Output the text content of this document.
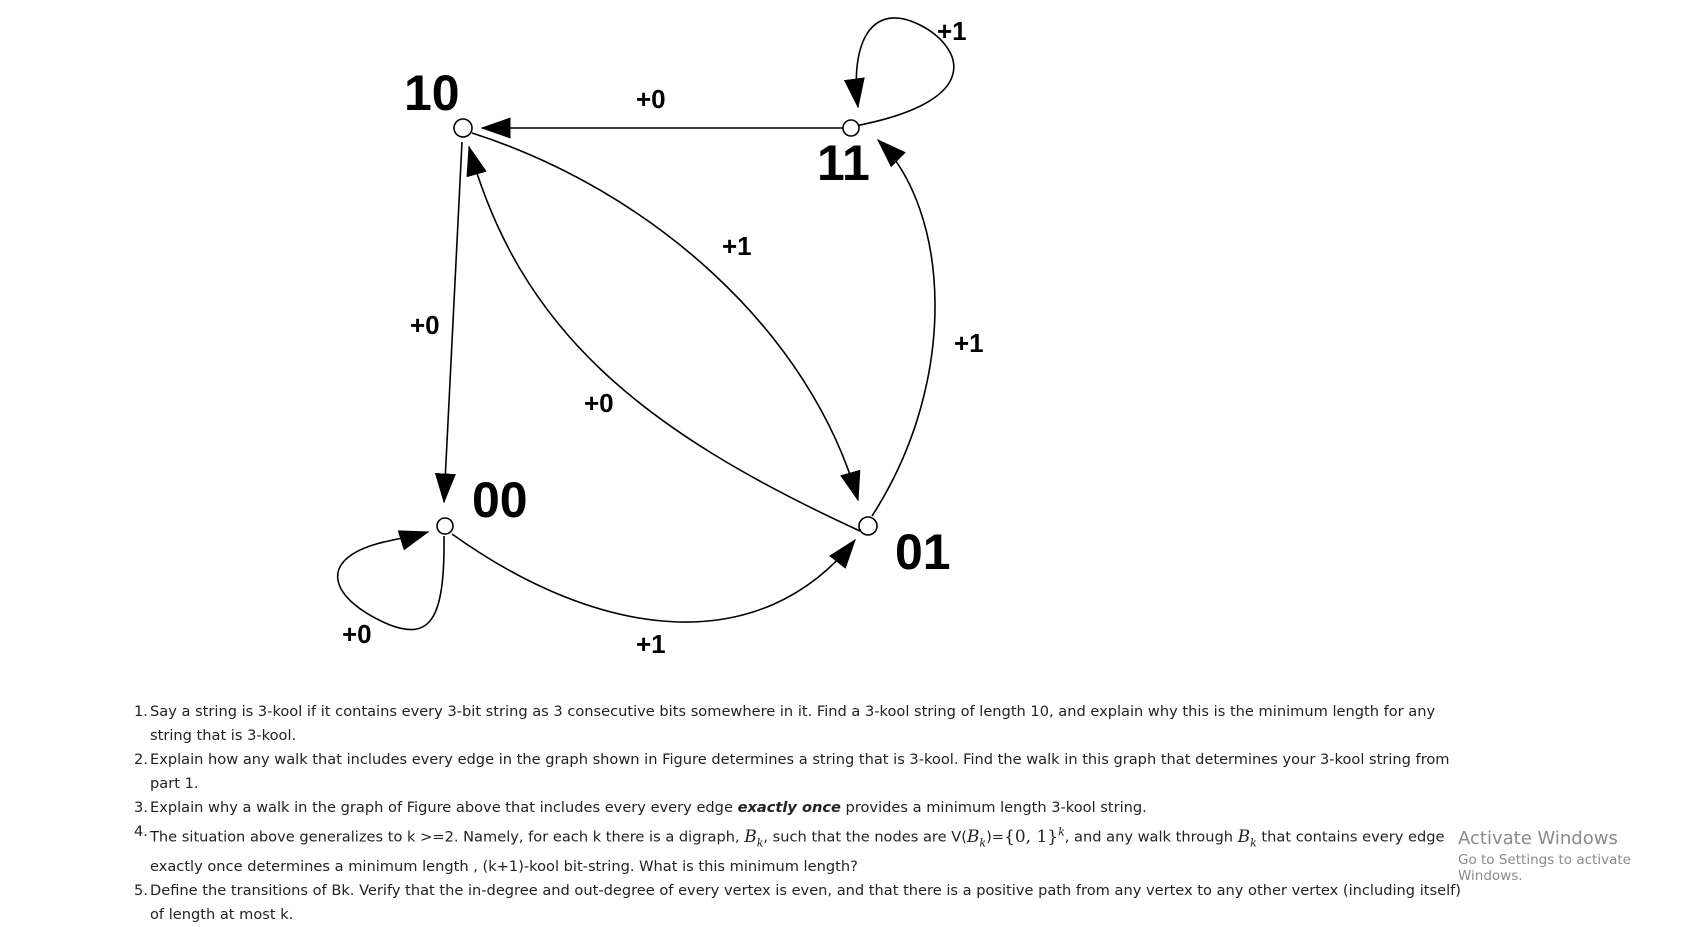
10
11
00
01
+1
+0
+1
+0
+0
+1
+0	+1
1. Say a string is 3-kool if it contains every 3-bit string as 3 consecutive bits somewhere in it. Find a 3-kool string of length 10, and explain why this is the minimum length for any string that is 3-kool.
2. Explain how any walk that includes every edge in the graph shown in Figure determines a string that is 3-kool. Find the walk in this graph that determines your 3-kool string from part 1.
3. Explain why a walk in the graph of Figure above that includes every every edge exactly once provides a minimum length 3-kool string.
4. The situation above generalizes to k >=2. Namely, for each k there is a digraph, $B_k$, such that the nodes are $V(B_k)=\{0$, 1}$^k$, and any walk through $B_k$ that contains every edge exactly once determines a minimum length , (k+1)-kool bit-string. What is this minimum length?
5. Define the transitions of Bk. Verify that the in-degree and out-degree of every vertex is even, and that there is a positive path from any vertex to any other vertex (including itself) of length at most k.
Activate Windows
Go to Settings to activate Windows.
